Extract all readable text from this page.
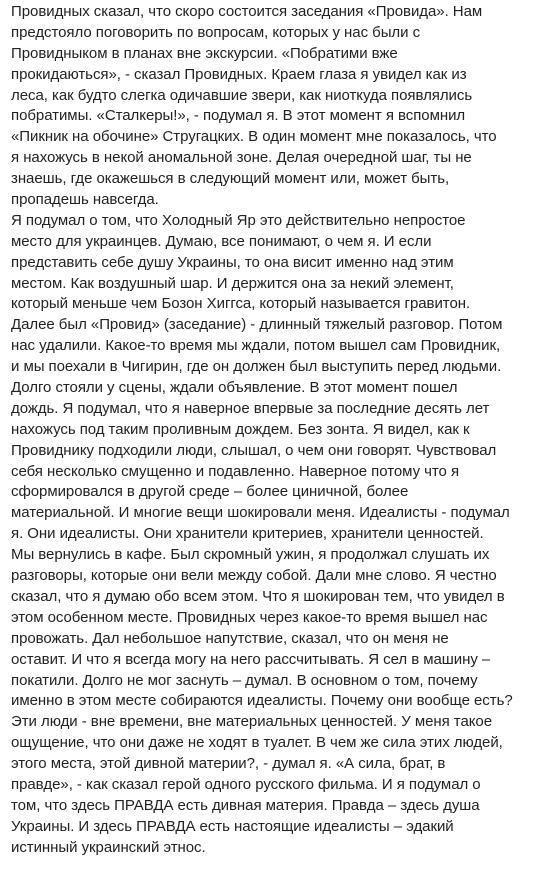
Провидных сказал, что скоро состоится заседания «Провида». Нам
предстояло поговорить по вопросам, которых у нас были с
Провидныком в планах вне экскурсии. «Побратими вже
прокидаються», - сказал Провидных. Краем глаза я увидел как из
леса, как будто слегка одичавшие звери, как ниоткуда появлялись
побратимы. «Сталкеры!», - подумал я. В этот момент я вспомнил
«Пикник на обочине» Стругацких. В один момент мне показалось, что
я нахожусь в некой аномальной зоне. Делая очередной шаг, ты не
знаешь, где окажешься в следующий момент или, может быть,
пропадешь навсегда.
Я подумал о том, что Холодный Яр это действительно непростое
место для украинцев. Думаю, все понимают, о чем я. И если
представить себе душу Украины, то она висит именно над этим
местом. Как воздушный шар. И держится она за некий элемент,
который меньше чем Бозон Хиггса, который называется гравитон.
Далее был «Провид» (заседание) - длинный тяжелый разговор. Потом
нас удалили. Какое-то время мы ждали, потом вышел сам Провидник,
и мы поехали в Чигирин, где он должен был выступить перед людьми.
Долго стояли у сцены, ждали объявление. В этот момент пошел
дождь. Я подумал, что я наверное впервые за последние десять лет
нахожусь под таким проливным дождем. Без зонта. Я видел, как к
Провиднику подходили люди, слышал, о чем они говорят. Чувствовал
себя несколько смущенно и подавленно. Наверное потому что я
сформировался в другой среде – более циничной, более
материальной. И многие вещи шокировали меня. Идеалисты - подумал
я. Они идеалисты. Они хранители критериев, хранители ценностей.
Мы вернулись в кафе. Был скромный ужин, я продолжал слушать их
разговоры, которые они вели между собой. Дали мне слово. Я честно
сказал, что я думаю обо всем этом. Что я шокирован тем, что увидел в
этом особенном месте. Провидных через какое-то время вышел нас
провожать. Дал небольшое напутствие, сказал, что он меня не
оставит. И что я всегда могу на него рассчитывать. Я сел в машину –
покатили. Долго не мог заснуть – думал. В основном о том, почему
именно в этом месте собираются идеалисты. Почему они вообще есть?
Эти люди - вне времени, вне материальных ценностей. У меня такое
ощущение, что они даже не ходят в туалет. В чем же сила этих людей,
этого места, этой дивной материи?, - думал я. «А сила, брат, в
правде», - как сказал герой одного русского фильма. И я подумал о
том, что здесь ПРАВДА есть дивная материя. Правда – здесь душа
Украины. И здесь ПРАВДА есть настоящие идеалисты – эдакий
истинный украинский этнос.
